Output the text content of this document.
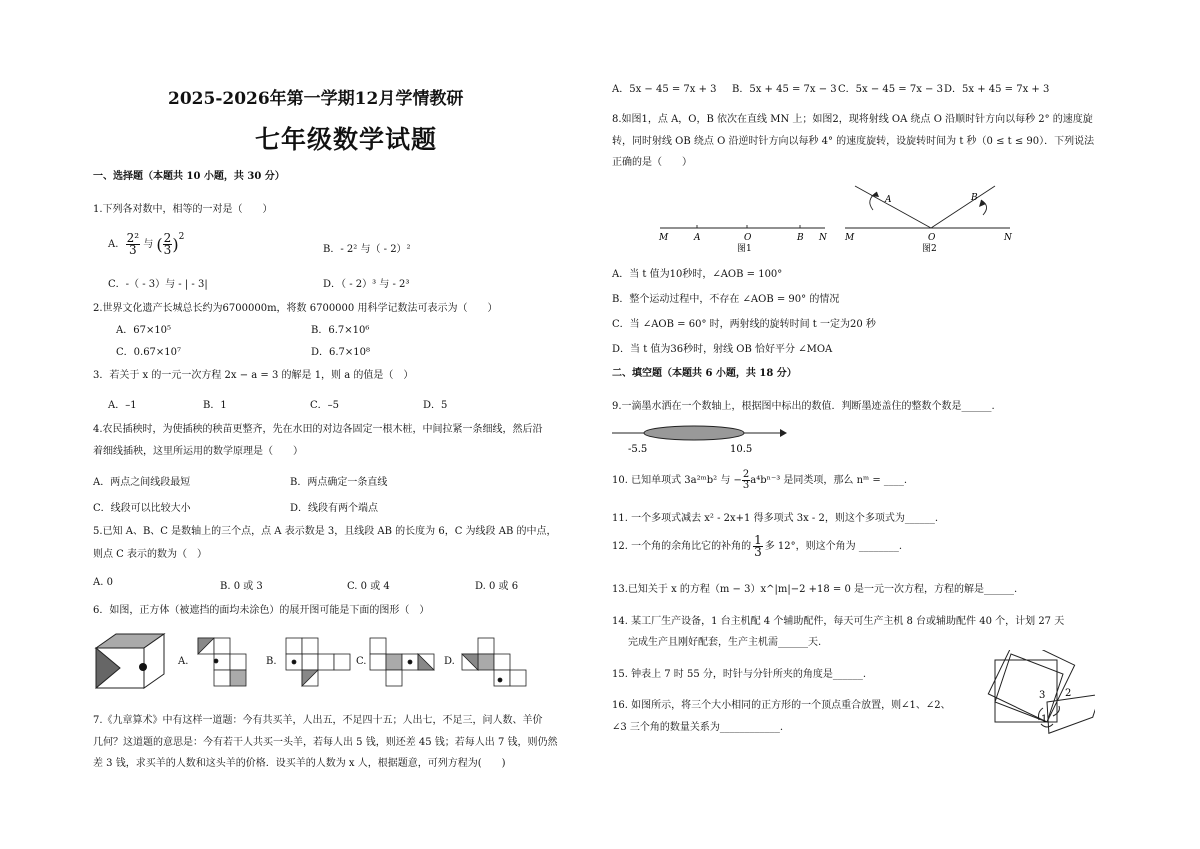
2025-2026年第一学期12月学情教研
七年级数学试题
一、选择题（本题共 10 小题，共 30 分）
1.下列各对数中，相等的一对是（　　）
A. $\frac{\text{2²}}{3}$ 与 ( $\frac{2}{3} )^2$
B．- 2² 与（ - 2）²
C．-（ - 3）与 - | - 3|	D．（ - 2）³ 与 - 2³
2.世界文化遗产长城总长约为6700000m，将数 6700000 用科学记数法可表示为（　　）
A．67×10⁵	B．6.7×10⁶
C．0.67×10⁷	D．6.7×10⁸
3．若关于 x 的一元一次方程 2x − a = 3 的解是 1，则 a 的值是（　）
A．–1	B．1	C．–5	D．5
4.农民插秧时，为使插秧的秧苗更整齐，先在水田的对边各固定一根木桩，中间拉紧一条细线，然后沿
着细线插秧，这里所运用的数学原理是（　　）
A．两点之间线段最短	B．两点确定一条直线
C．线段可以比较大小	D．线段有两个端点
5.已知 A、B、C 是数轴上的三个点，点 A 表示数是 3，且线段 AB 的长度为 6，C 为线段 AB 的中点，
则点 C 表示的数为（　）
A. 0	B. 0 或 3	C. 0 或 4	D. 0 或 6
6．如图，正方体（被遮挡的面均未涂色）的展开图可能是下面的图形（　）
A.	B.	C.	D.
7.《九章算术》中有这样一道题：今有共买羊，人出五，不足四十五；人出七，不足三，问人数、羊价
几何？这道题的意思是：今有若干人共买一头羊，若每人出 5 钱，则还差 45 钱；若每人出 7 钱，则仍然
差 3 钱，求买羊的人数和这头羊的价格．设买羊的人数为 x 人，根据题意，可列方程为(　　)
A．5x − 45 = 7x + 3 B．5x + 45 = 7x − 3 C．5x − 45 = 7x − 3 D．5x + 45 = 7x + 3
8.如图1，点 A，O，B 依次在直线 MN 上；如图2，现将射线 OA 绕点 O 沿顺时针方向以每秒 2° 的速度旋
转，同时射线 OB 绕点 O 沿逆时针方向以每秒 4° 的速度旋转，设旋转时间为 t 秒（0 ≤ t ≤ 90）．下列说法
正确的是（　　）
M	A	O	B N
图1
M
A
O
B
N
图2
A．当 t 值为10秒时，∠AOB = 100°
B．整个运动过程中，不存在 ∠AOB = 90° 的情况
C．当 ∠AOB = 60° 时，两射线的旋转时间 t 一定为20 秒
D．当 t 值为36秒时，射线 OB 恰好平分 ∠MOA
二、填空题（本题共 6 小题，共 18 分）
9.一滴墨水洒在一个数轴上，根据图中标出的数值．判断墨迹盖住的整数个数是______.
-5.5	10.5
10. 已知单项式 3a²ᵐb² 与 − $\frac{2}{3} a^4b^{n-3}$ 是同类项，那么 nᵐ = ____.
11. 一个多项式减去 x² - 2x+1 得多项式 3x - 2，则这个多项式为______.
12. 一个角的余角比它的补角的 $\frac{1}{3}$ 多 12°，则这个角为 ________.
13.已知关于 x 的方程（m − 3）x^|m|−2 +18 = 0 是一元一次方程，方程的解是______.
14. 某工厂生产设备，1 台主机配 4 个辅助配件，每天可生产主机 8 台或辅助配件 40 个，计划 27 天
完成生产且刚好配套，生产主机需______天.
15. 钟表上 7 时 55 分，时针与分针所夹的角度是______.
16. 如图所示，将三个大小相同的正方形的一个顶点重合放置，则∠1、∠2、
∠3 三个角的数量关系为____________.
3 2
1
